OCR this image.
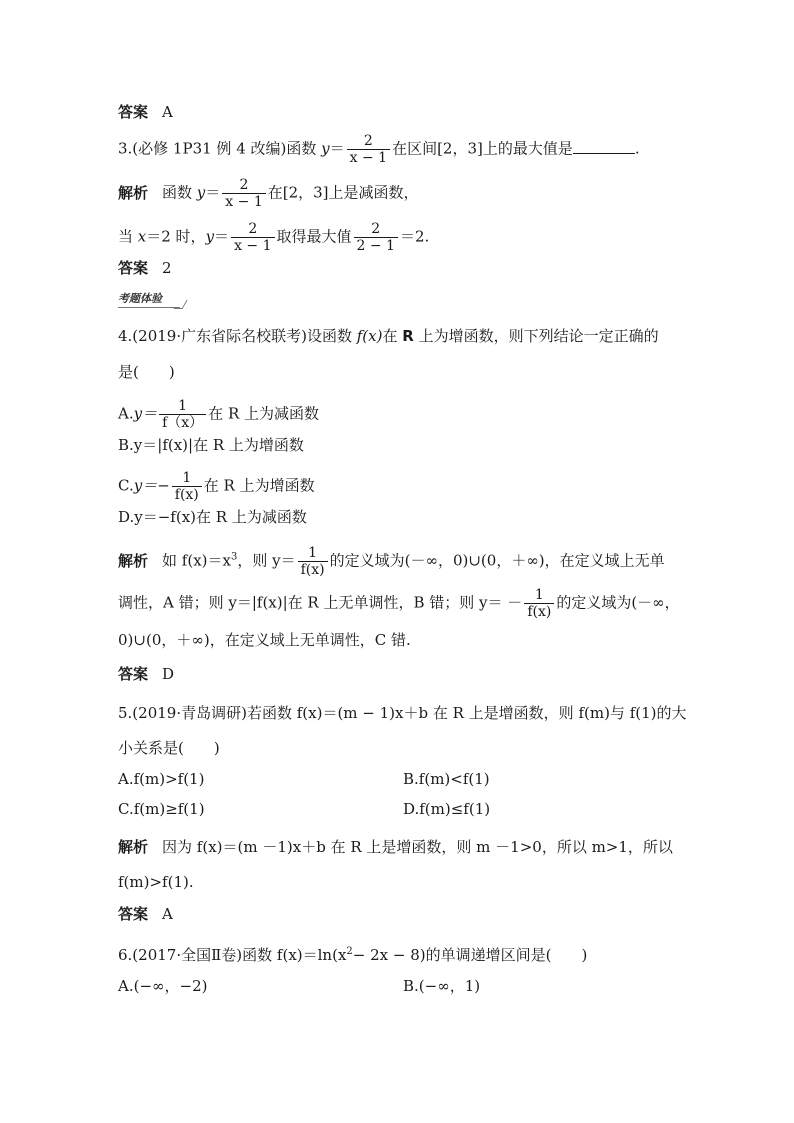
答案 A
3.(必修 1P31 例 4 改编)函数 $y= \frac{2}{x - 1}$ 在区间[2，3]上的最大值是	.
解析 函数 $y= \frac{2}{x - 1}$ 在[2，3]上是减函数，
当 x＝2 时，$y= \frac{2}{x - 1}$ 取得最大值 $\frac{2}{2 - 1} =2$.
答案 2
考题体验
4.(2019·广东省际名校联考)设函数 f(x)在 R 上为增函数，则下列结论一定正确的
是(　　)
$A.y= \frac{1}{f(x)}$ 在 R 上为减函数
B.y＝|f(x)|在 R 上为增函数
$C.y=- \frac{1}{f(x)}$ 在 R 上为增函数
D.y＝−f(x)在 R 上为减函数
解析 如 $f(x)=x^3$，则 $y= \frac{1}{f(x)}$ 的定义域为(－∞，0)∪(0，＋∞)，在定义域上无单
调性，A 错；则 y＝|f(x)|在 R 上无单调性，B 错；则 $y= - \frac{1}{f(x)}$ 的定义域为(－∞，
0)∪(0，＋∞)，在定义域上无单调性，C 错.
答案 D
5.(2019·青岛调研)若函数 f(x)＝(m − 1)x＋b 在 R 上是增函数，则 f(m)与 f(1)的大
小关系是(　　)
A.f(m)>f(1)	B.f(m)<f(1)
C.f(m)≥f(1)	D.f(m)≤f(1)
解析 因为 f(x)＝(m －1)x＋b 在 R 上是增函数，则 m －1>0，所以 m>1，所以
f(m)>f(1).
答案 A
6.(2017·全国Ⅱ卷)函数 $f(x)=\ln(x^2- 2x - 8)$的单调递增区间是(　　)
A.(−∞，−2)	B.(−∞，1)
